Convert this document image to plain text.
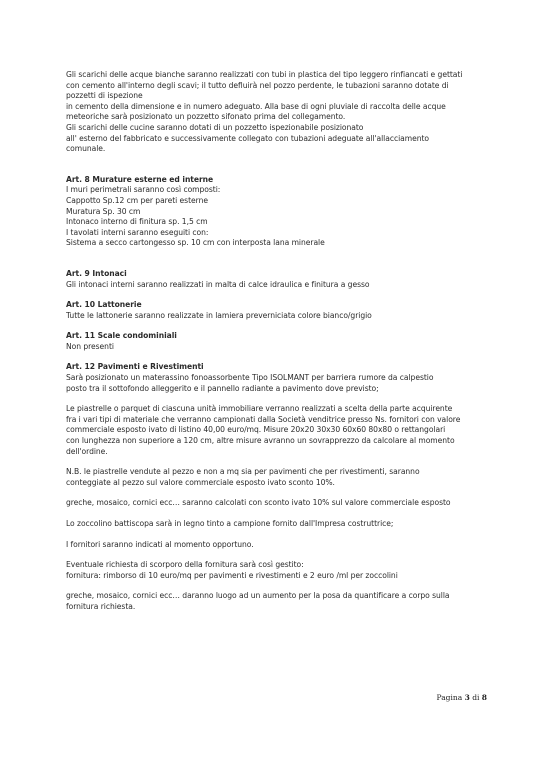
Gli scarichi delle acque bianche saranno realizzati con tubi in plastica del tipo leggero rinfiancati e gettati
con cemento all'interno degli scavi; il tutto defluirà nel pozzo perdente, le tubazioni saranno dotate di
pozzetti di ispezione
in cemento della dimensione e in numero adeguato. Alla base di ogni pluviale di raccolta delle acque
meteoriche sarà posizionato un pozzetto sifonato prima del collegamento.
Gli scarichi delle cucine saranno dotati di un pozzetto ispezionabile posizionato
all' esterno del fabbricato e successivamente collegato con tubazioni adeguate all'allacciamento
comunale.
Art. 8 Murature esterne ed interne
I muri perimetrali saranno così composti:
Cappotto Sp.12 cm per pareti esterne
Muratura Sp. 30 cm
Intonaco interno di finitura sp. 1,5 cm
I tavolati interni saranno eseguiti con:
Sistema a secco cartongesso sp. 10 cm con interposta lana minerale
Art. 9 Intonaci
Gli intonaci interni saranno realizzati in malta di calce idraulica e finitura a gesso
Art. 10 Lattonerie
Tutte le lattonerie saranno realizzate in lamiera preverniciata colore bianco/grigio
Art. 11 Scale condominiali
Non presenti
Art. 12 Pavimenti e Rivestimenti
Sarà posizionato un materassino fonoassorbente Tipo ISOLMANT per barriera rumore da calpestio
posto tra il sottofondo alleggerito e il pannello radiante a pavimento dove previsto;
Le piastrelle o parquet di ciascuna unità immobiliare verranno realizzati a scelta della parte acquirente
fra i vari tipi di materiale che verranno campionati dalla Società venditrice presso Ns. fornitori con valore
commerciale esposto ivato di listino 40,00 euro/mq. Misure 20x20 30x30 60x60 80x80 o rettangolari
con lunghezza non superiore a 120 cm, altre misure avranno un sovrapprezzo da calcolare al momento
dell'ordine.
N.B. le piastrelle vendute al pezzo e non a mq sia per pavimenti che per rivestimenti, saranno
conteggiate al pezzo sul valore commerciale esposto ivato sconto 10%.
greche, mosaico, cornici ecc… saranno calcolati con sconto ivato 10% sul valore commerciale esposto
Lo zoccolino battiscopa sarà in legno tinto a campione fornito dall'Impresa costruttrice;
I fornitori saranno indicati al momento opportuno.
Eventuale richiesta di scorporo della fornitura sarà così gestito:
fornitura: rimborso di 10 euro/mq per pavimenti e rivestimenti e 2 euro /ml per zoccolini
greche, mosaico, cornici ecc… daranno luogo ad un aumento per la posa da quantificare a corpo sulla
fornitura richiesta.
Pagina 3 di 8
